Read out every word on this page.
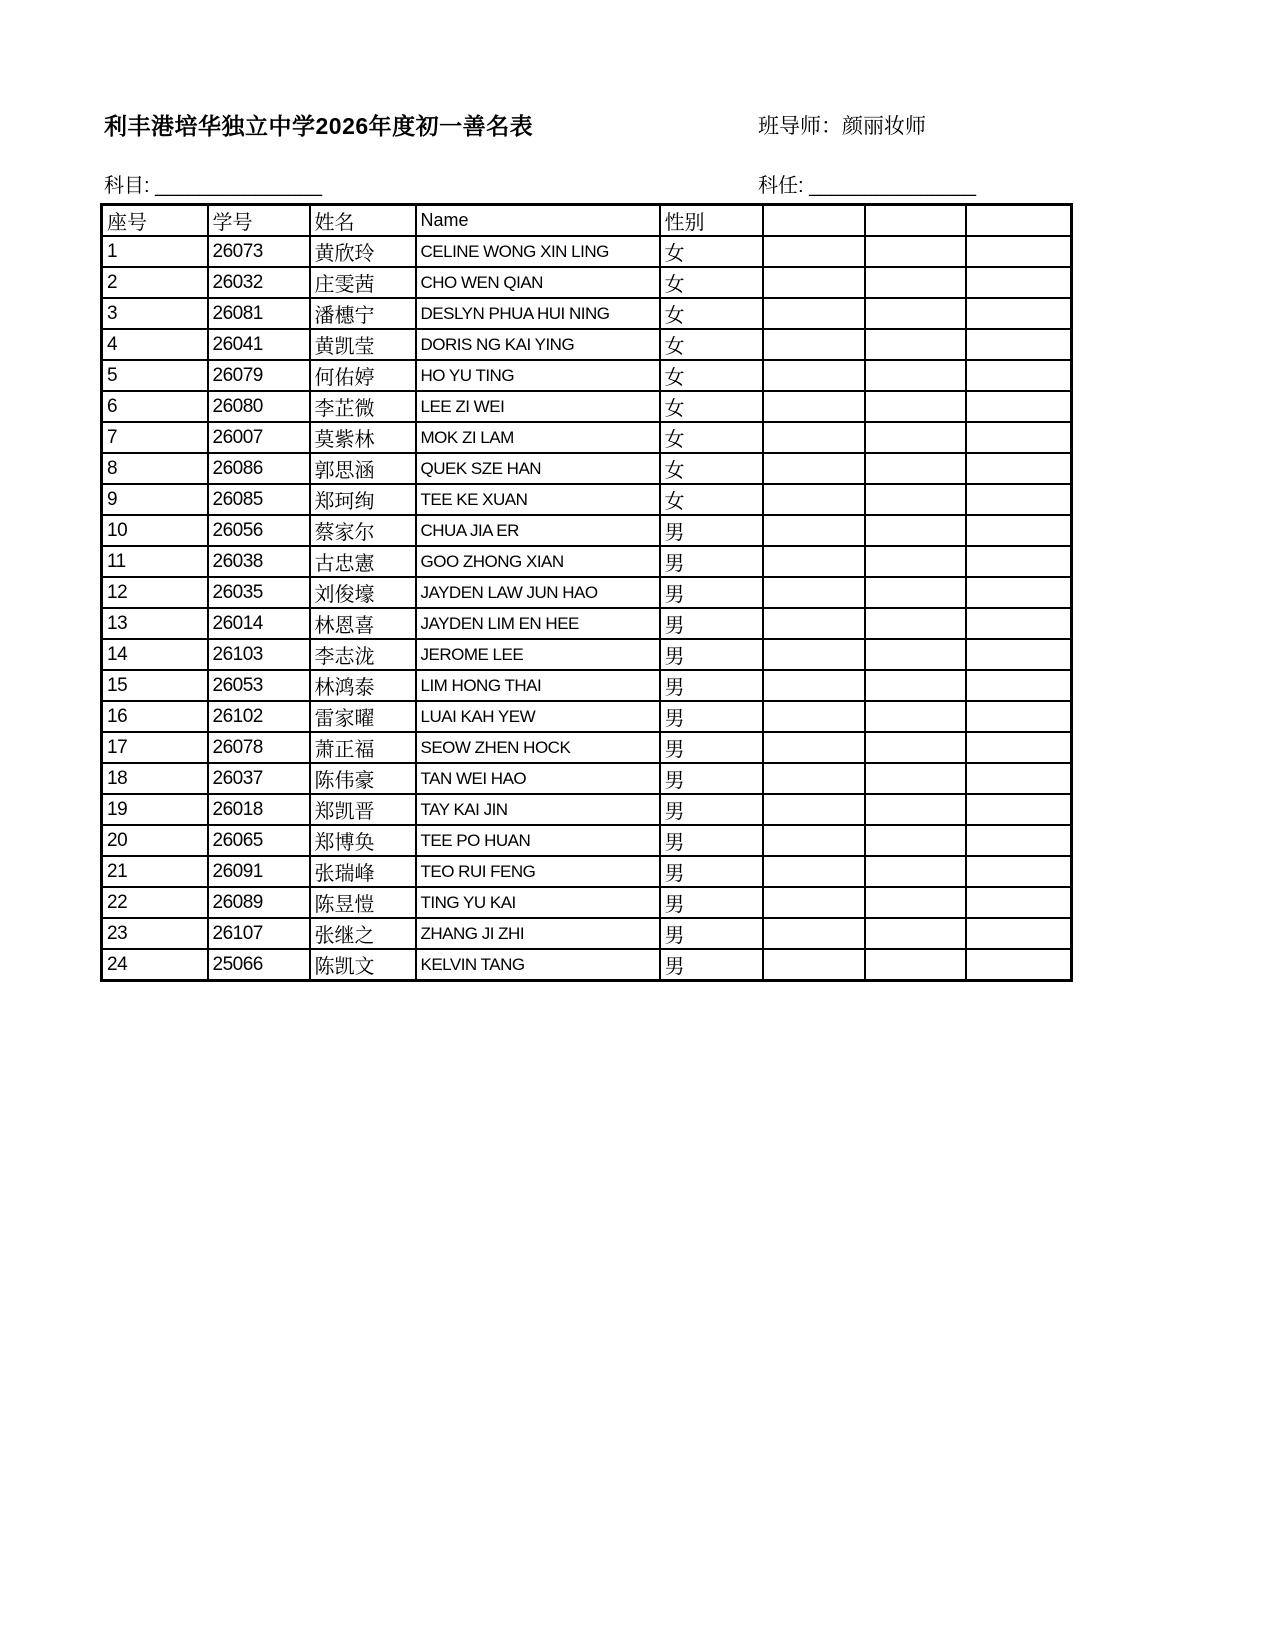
利丰港培华独立中学2026年度初一善名表	班导师：颜丽妆师
科目: _______________	科任: _______________
座号	学号	姓名	Name	性别			
1	26073	黄欣玲	CELINE WONG XIN LING	女			
2	26032	庄雯茜	CHO WEN QIAN	女			
3	26081	潘橞宁	DESLYN PHUA HUI NING	女			
4	26041	黄凯莹	DORIS NG KAI YING	女			
5	26079	何佑婷	HO YU TING	女			
6	26080	李芷微	LEE ZI WEI	女			
7	26007	莫紫林	MOK ZI LAM	女			
8	26086	郭思涵	QUEK SZE HAN	女			
9	26085	郑珂绚	TEE KE XUAN	女			
10	26056	蔡家尔	CHUA JIA ER	男			
11	26038	古忠憲	GOO ZHONG XIAN	男			
12	26035	刘俊壕	JAYDEN LAW JUN HAO	男			
13	26014	林恩喜	JAYDEN LIM EN HEE	男			
14	26103	李志泷	JEROME LEE	男			
15	26053	林鸿泰	LIM HONG THAI	男			
16	26102	雷家曜	LUAI KAH YEW	男			
17	26078	萧正福	SEOW ZHEN HOCK	男			
18	26037	陈伟豪	TAN WEI HAO	男			
19	26018	郑凯晋	TAY KAI JIN	男			
20	26065	郑博奂	TEE PO HUAN	男			
21	26091	张瑞峰	TEO RUI FENG	男			
22	26089	陈昱愷	TING YU KAI	男			
23	26107	张继之	ZHANG JI ZHI	男			
24	25066	陈凯文	KELVIN TANG	男			
